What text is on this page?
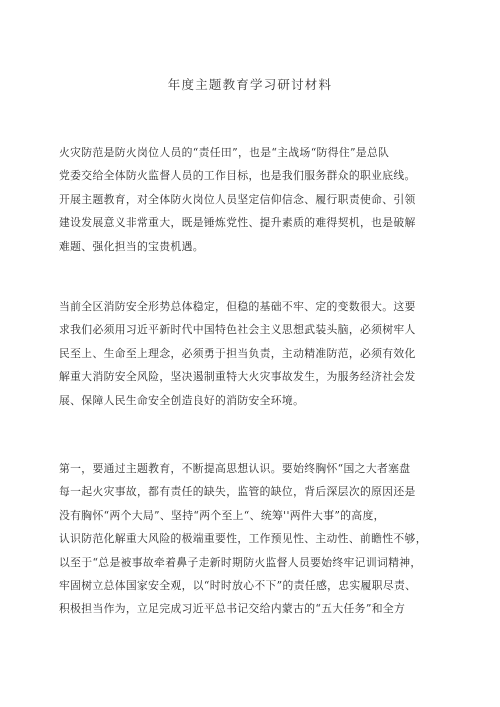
年度主题教育学习研讨材料
火灾防范是防火岗位人员的“责任田”，也是“主战场“防得住”是总队
党委交给全体防火监督人员的工作目标，也是我们服务群众的职业底线。
开展主题教育，对全体防火岗位人员坚定信仰信念、履行职责使命、引领
建设发展意义非常重大，既是锤炼党性、提升素质的难得契机，也是破解
难题、强化担当的宝贵机遇。
当前全区消防安全形势总体稳定，但稳的基础不牢、定的变数很大。这要
求我们必须用习近平新时代中国特色社会主义思想武装头脑，必须树牢人
民至上、生命至上理念，必须勇于担当负责，主动精准防范，必须有效化
解重大消防安全风险，坚决遏制重特大火灾事故发生，为服务经济社会发
展、保障人民生命安全创造良好的消防安全环境。
第一，要通过主题教育，不断提高思想认识。要始终胸怀“国之大者塞盘
每一起火灾事故，都有责任的缺失，监管的缺位，背后深层次的原因还是
没有胸怀“两个大局”、坚持“两个至上“、统筹''两件大事”的高度，
认识防范化解重大风险的极端重要性，工作预见性、主动性、前瞻性不够，
以至于“总是被事故牵着鼻子走新时期防火监督人员要始终牢记训词精神，
牢固树立总体国家安全观，以“时时放心不下”的责任感，忠实履职尽责、
积极担当作为，立足完成习近平总书记交给内蒙古的“五大任务”和全方
